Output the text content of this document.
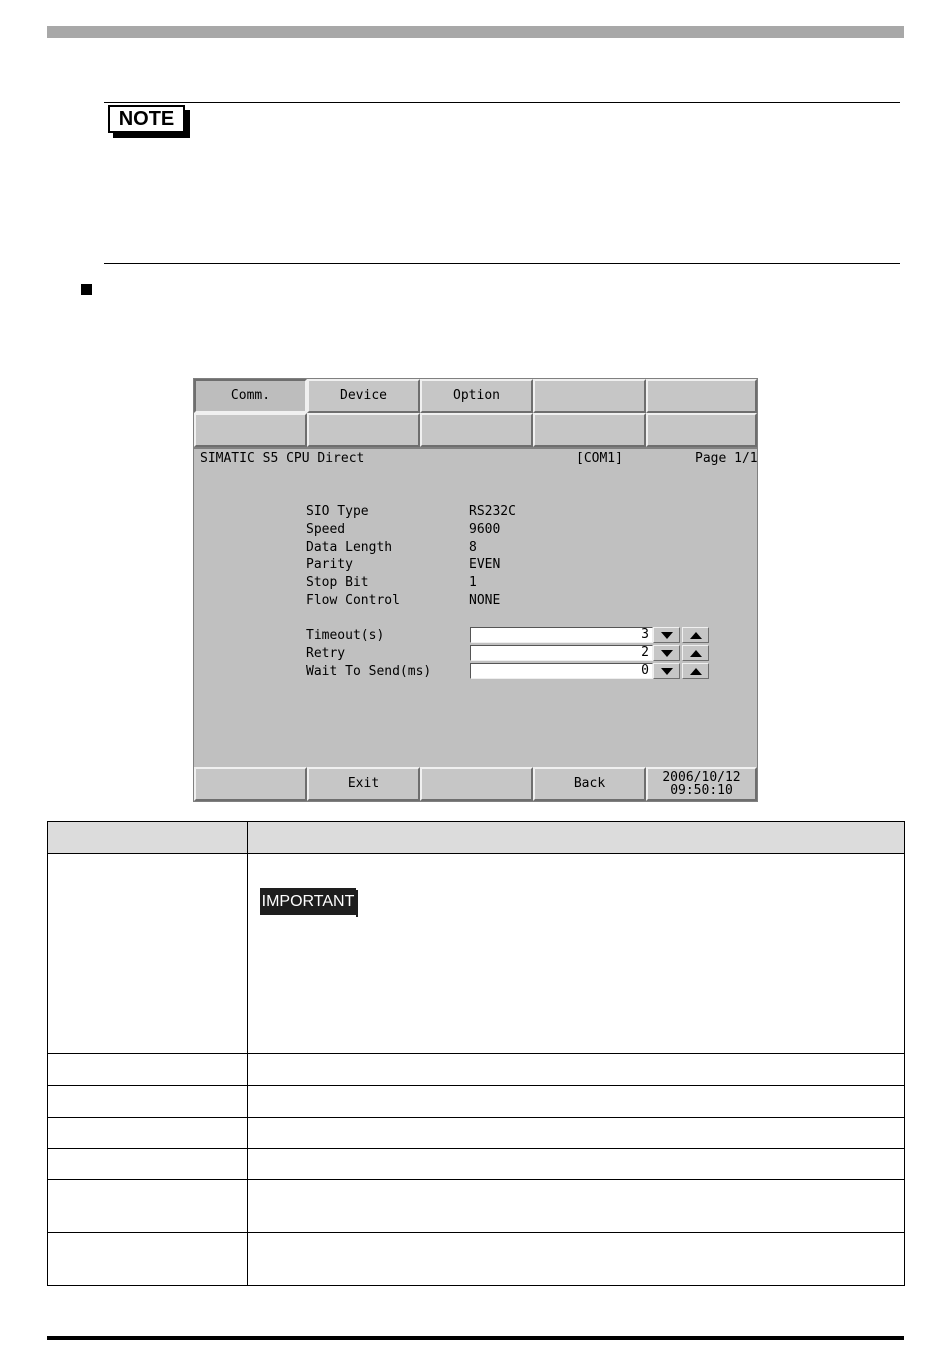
NOTE
Comm.	Device	Option
SIMATIC S5 CPU Direct	[COM1]	Page 1/1
SIO Type	RS232C
Speed	9600
Data Length	8
Parity	EVEN
Stop Bit	1
Flow Control	NONE
Timeout(s)	3
Retry	2
Wait To Send(ms)	0
Exit	Back	2006/10/12
09:50:10

IMPORTANT
